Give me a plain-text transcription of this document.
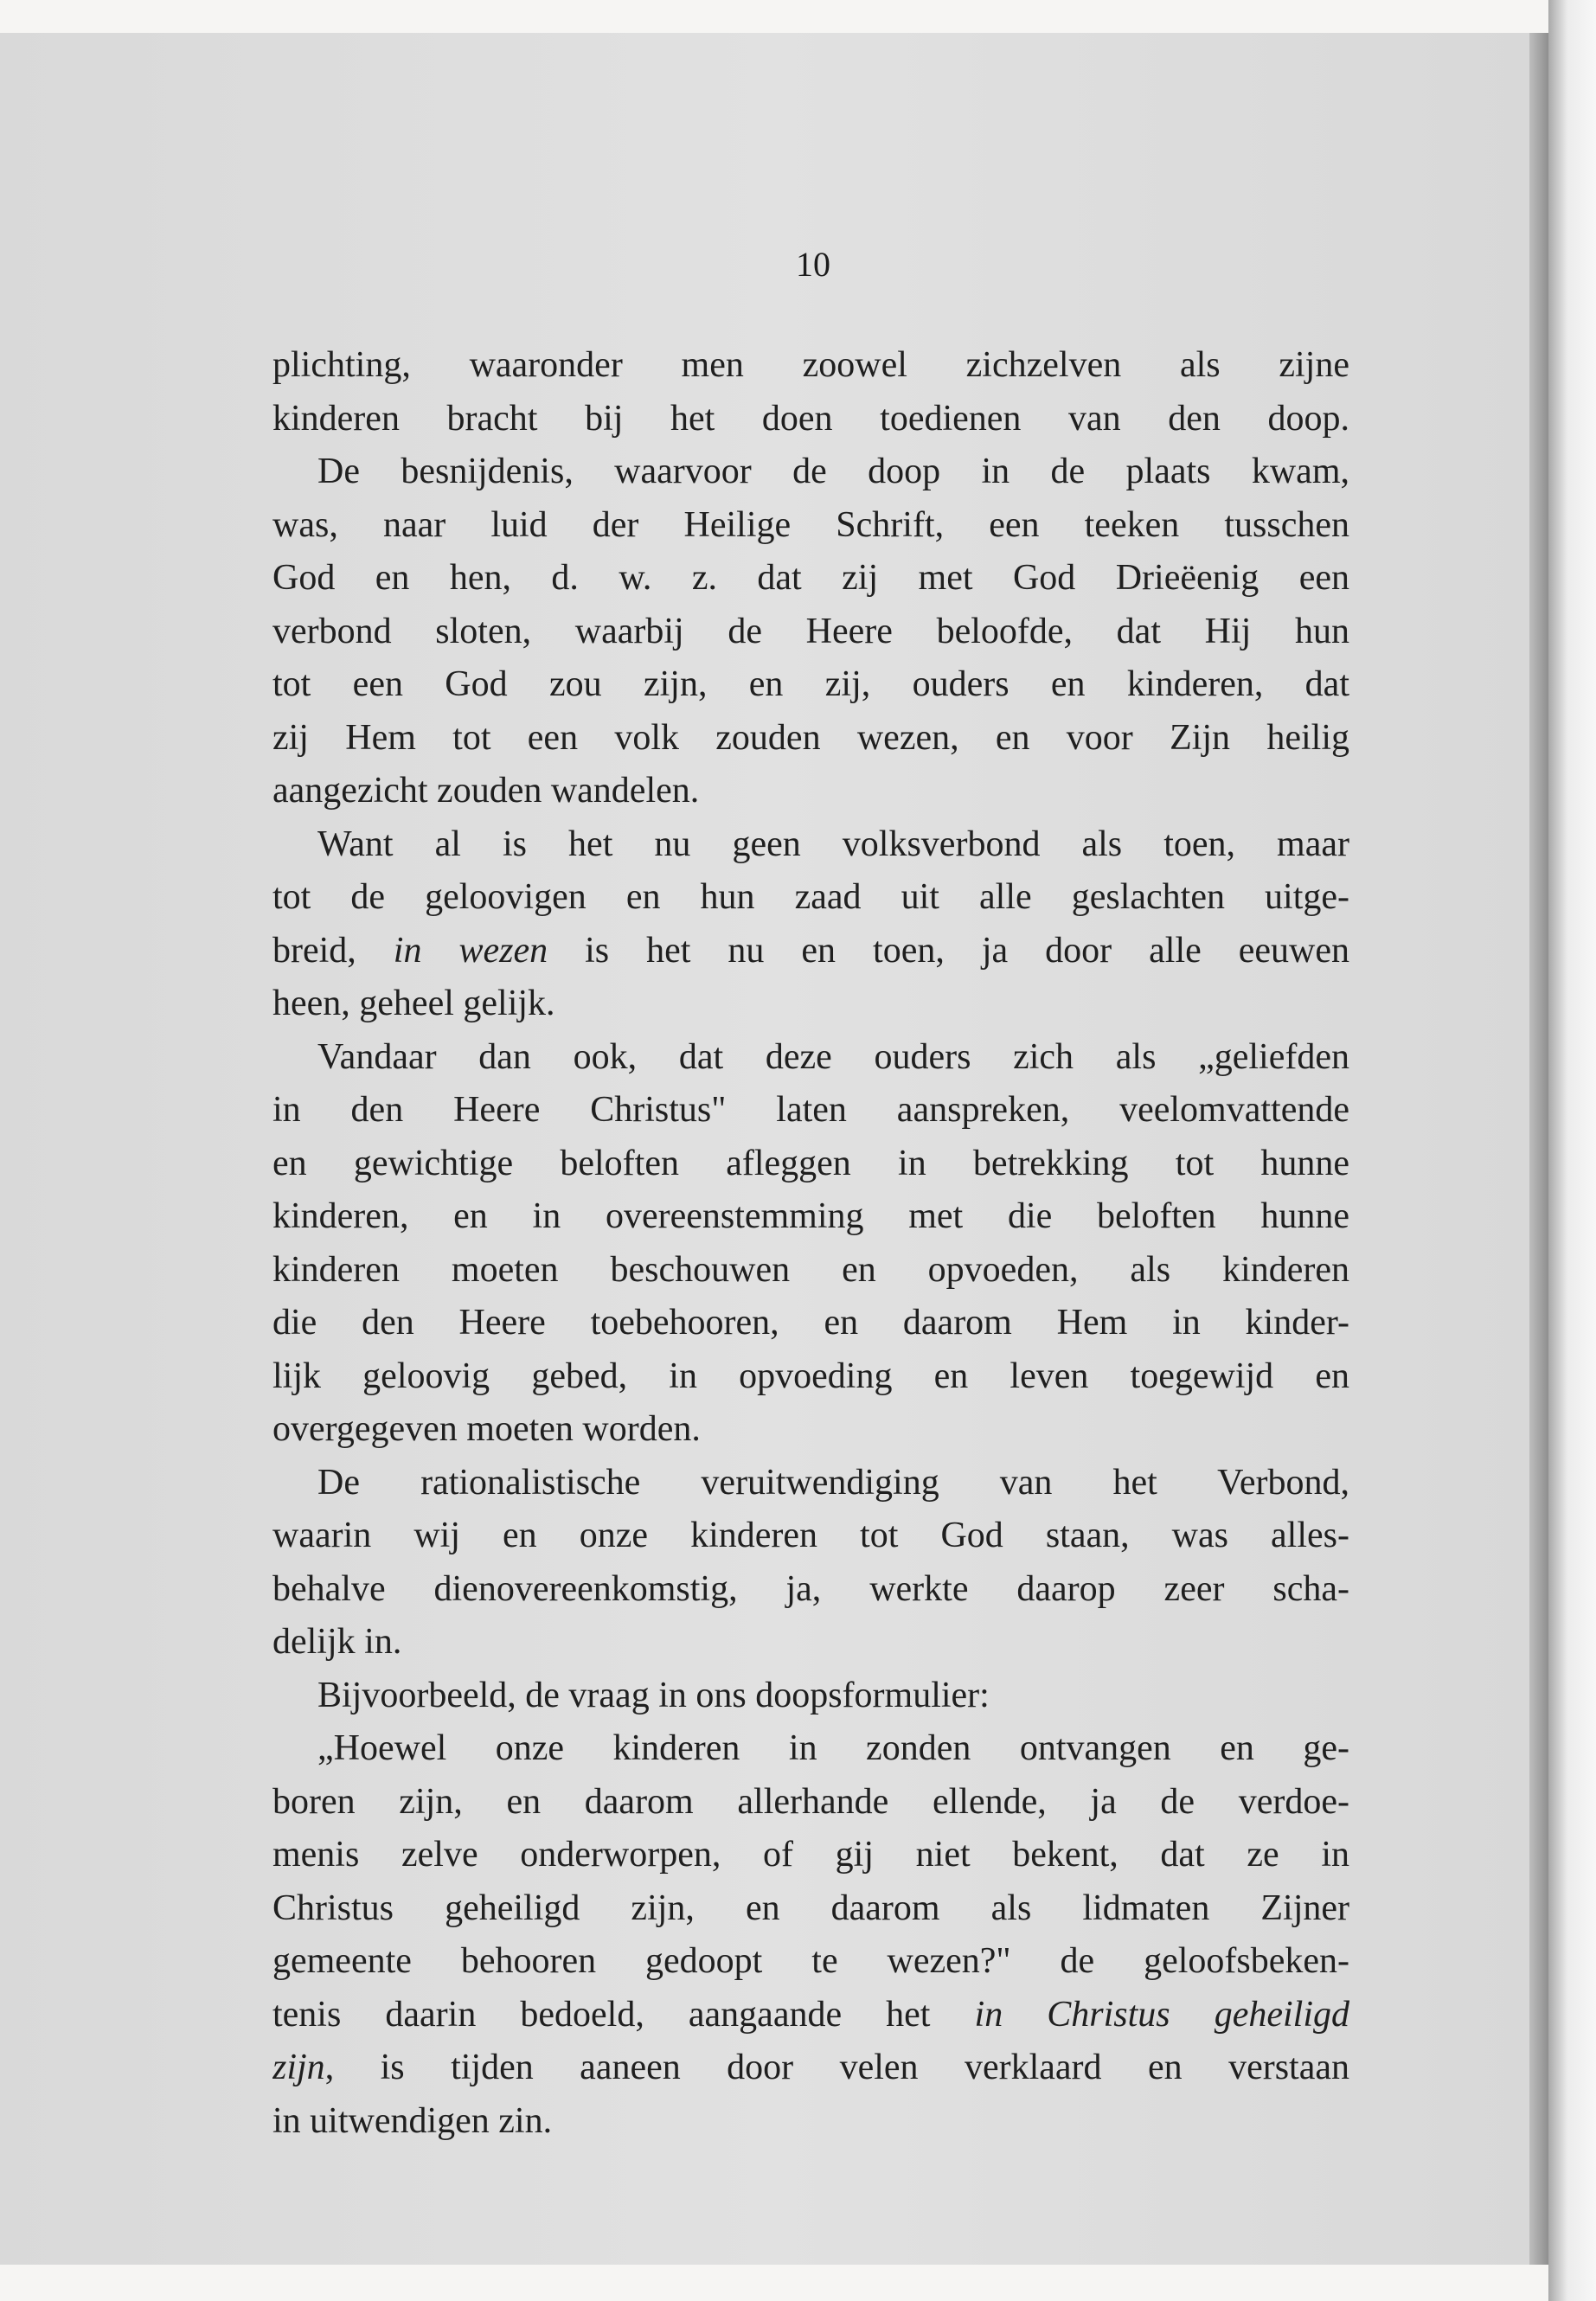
10
plichting, waaronder men zoowel zichzelven als zijne
kinderen bracht bij het doen toedienen van den doop.
De besnijdenis, waarvoor de doop in de plaats kwam,
was, naar luid der Heilige Schrift, een teeken tusschen
God en hen, d. w. z. dat zij met God Drieëenig een
verbond sloten, waarbij de Heere beloofde, dat Hij hun
tot een God zou zijn, en zij, ouders en kinderen, dat
zij Hem tot een volk zouden wezen, en voor Zijn heilig
aangezicht zouden wandelen.
Want al is het nu geen volksverbond als toen, maar
tot de geloovigen en hun zaad uit alle geslachten uitge-
breid, in wezen is het nu en toen, ja door alle eeuwen
heen, geheel gelijk.
Vandaar dan ook, dat deze ouders zich als „geliefden
in den Heere Christus" laten aanspreken, veelomvattende
en gewichtige beloften afleggen in betrekking tot hunne
kinderen, en in overeenstemming met die beloften hunne
kinderen moeten beschouwen en opvoeden, als kinderen
die den Heere toebehooren, en daarom Hem in kinder-
lijk geloovig gebed, in opvoeding en leven toegewijd en
overgegeven moeten worden.
De rationalistische veruitwendiging van het Verbond,
waarin wij en onze kinderen tot God staan, was alles-
behalve dienovereenkomstig, ja, werkte daarop zeer scha-
delijk in.
Bijvoorbeeld, de vraag in ons doopsformulier:
„Hoewel onze kinderen in zonden ontvangen en ge-
boren zijn, en daarom allerhande ellende, ja de verdoe-
menis zelve onderworpen, of gij niet bekent, dat ze in
Christus geheiligd zijn, en daarom als lidmaten Zijner
gemeente behooren gedoopt te wezen?" de geloofsbeken-
tenis daarin bedoeld, aangaande het in Christus geheiligd
zijn, is tijden aaneen door velen verklaard en verstaan
in uitwendigen zin.
